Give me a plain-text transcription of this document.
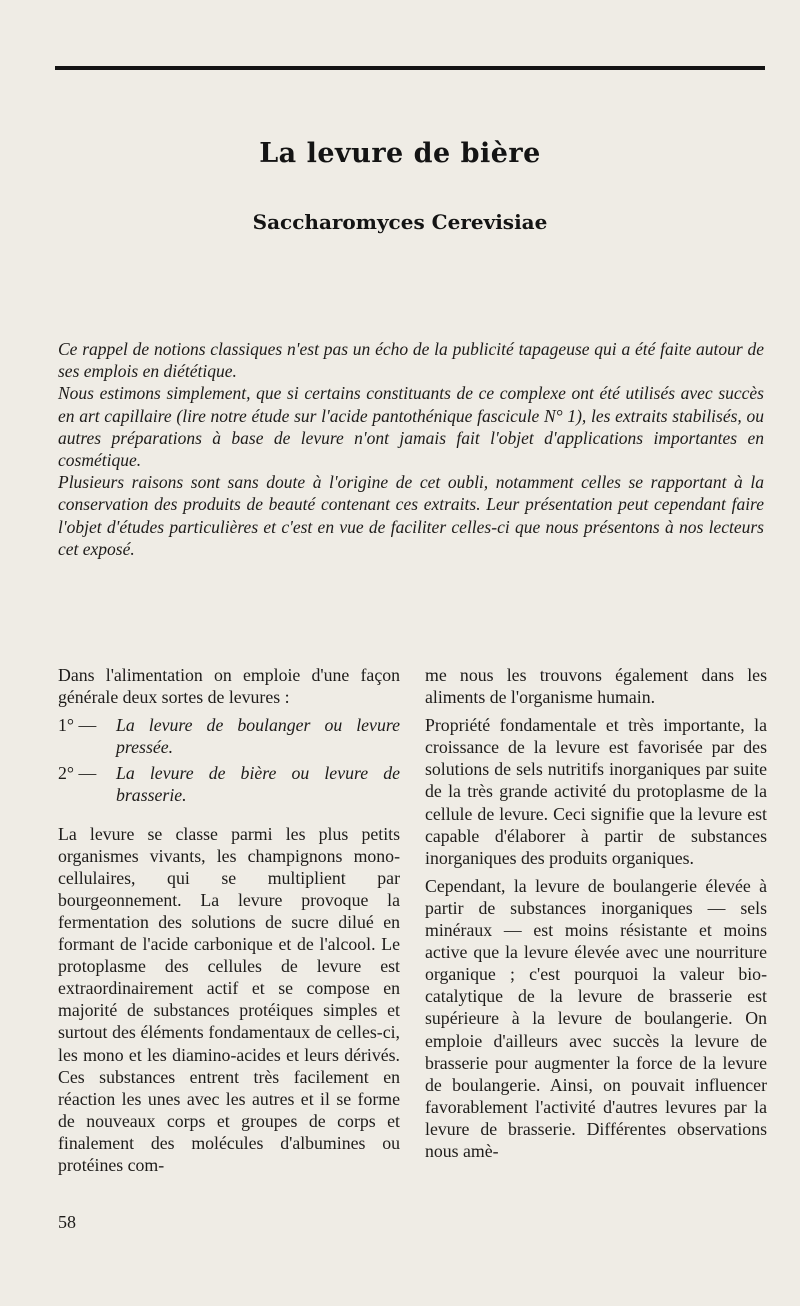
La levure de bière
Saccharomyces Cerevisiae

Ce rappel de notions classiques n'est pas un écho de la publicité tapageuse qui a été faite autour de ses emplois en diététique.

Nous estimons simplement, que si certains constituants de ce complexe ont été utilisés avec succès en art capillaire (lire notre étude sur l'acide pantothénique fascicule N° 1), les extraits stabilisés, ou autres préparations à base de levure n'ont jamais fait l'objet d'applications importantes en cosmétique.

Plusieurs raisons sont sans doute à l'origine de cet oubli, notamment celles se rapportant à la conservation des produits de beauté contenant ces extraits. Leur présentation peut cependant faire l'objet d'études particulières et c'est en vue de faciliter celles-ci que nous présentons à nos lecteurs cet exposé.

Dans l'alimentation on emploie d'une façon générale deux sortes de levures :

1° —	La levure de boulanger ou levure pressée.
2° —	La levure de bière ou levure de brasserie.

La levure se classe parmi les plus petits organismes vivants, les champignons mono-cellulaires, qui se multiplient par bourgeonnement. La levure provoque la fermentation des solutions de sucre dilué en formant de l'acide carbonique et de l'alcool. Le protoplasme des cellules de levure est extraordinairement actif et se compose en majorité de substances protéiques simples et surtout des éléments fondamentaux de celles-ci, les mono et les diamino-acides et leurs dérivés. Ces substances entrent très facilement en réaction les unes avec les autres et il se forme de nouveaux corps et groupes de corps et finalement des molécules d'albumines ou protéines com-

me nous les trouvons également dans les aliments de l'organisme humain.

Propriété fondamentale et très importante, la croissance de la levure est favorisée par des solutions de sels nutritifs inorganiques par suite de la très grande activité du protoplasme de la cellule de levure. Ceci signifie que la levure est capable d'élaborer à partir de substances inorganiques des produits organiques.

Cependant, la levure de boulangerie élevée à partir de substances inorganiques — sels minéraux — est moins résistante et moins active que la levure élevée avec une nourriture organique ; c'est pourquoi la valeur bio-catalytique de la levure de brasserie est supérieure à la levure de boulangerie. On emploie d'ailleurs avec succès la levure de brasserie pour augmenter la force de la levure de boulangerie. Ainsi, on pouvait influencer favorablement l'activité d'autres levures par la levure de brasserie. Différentes observations nous amè-

58
